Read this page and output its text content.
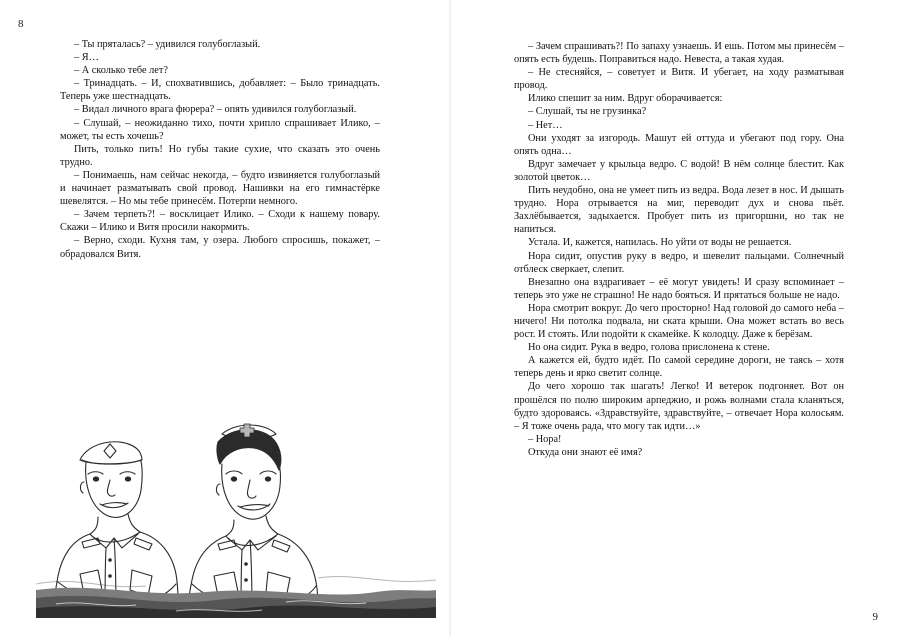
8

– Ты пряталась? – удивился голубоглазый.

– Я…

– А сколько тебе лет?

– Тринадцать. – И, спохватившись, добавляет: – Было тринадцать. Теперь уже шестнадцать.

– Видал личного врага фюрера? – опять удивился голубоглазый.

– Слушай, – неожиданно тихо, почти хрипло спрашивает Илико, – может, ты есть хочешь?

Пить, только пить! Но губы такие сухие, что сказать это очень трудно.

– Понимаешь, нам сейчас некогда, – будто извиняется голубоглазый и начинает разматывать свой провод. Нашивки на его гимнастёрке шевелятся. – Но мы тебе принесём. Потерпи немного.

– Зачем терпеть?! – восклицает Илико. – Сходи к нашему повару. Скажи – Илико и Витя просили накормить.

– Верно, сходи. Кухня там, у озера. Любого спросишь, покажет, – обрадовался Витя.

– Зачем спрашивать?! По запаху узнаешь. И ешь. Потом мы принесём – опять есть будешь. Поправиться надо. Невеста, а такая худая.

– Не стесняйся, – советует и Витя. И убегает, на ходу разматывая провод.

Илико спешит за ним. Вдруг оборачивается:

– Слушай, ты не грузинка?

– Нет…

Они уходят за изгородь. Машут ей оттуда и убегают под гору. Она опять одна…

Вдруг замечает у крыльца ведро. С водой! В нём солнце блестит. Как золотой цветок…

Пить неудобно, она не умеет пить из ведра. Вода лезет в нос. И дышать трудно. Нора отрывается на миг, переводит дух и снова пьёт. Захлёбывается, задыхается. Пробует пить из пригоршни, но так не напиться.

Устала. И, кажется, напилась. Но уйти от воды не решается.

Нора сидит, опустив руку в ведро, и шевелит пальцами. Солнечный отблеск сверкает, слепит.

Внезапно она вздрагивает – её могут увидеть! И сразу вспоминает – теперь это уже не страшно! Не надо бояться. И прятаться больше не надо.

Нора смотрит вокруг. До чего просторно! Над головой до самого неба – ничего! Ни потолка подвала, ни ската крыши. Она может встать во весь рост. И стоять. Или подойти к скамейке. К колодцу. Даже к берёзам.

Но она сидит. Рука в ведро, голова прислонена к стене.

А кажется ей, будто идёт. По самой середине дороги, не таясь – хотя теперь день и ярко светит солнце.

До чего хорошо так шагать! Легко! И ветерок подгоняет. Вот он прошёлся по полю широким арпеджио, и рожь волнами стала кланяться, будто здороваясь. «Здравствуйте, здравствуйте, – отвечает Нора колосьям. – Я тоже очень рада, что могу так идти…»

– Нора!

Откуда они знают её имя?

9
